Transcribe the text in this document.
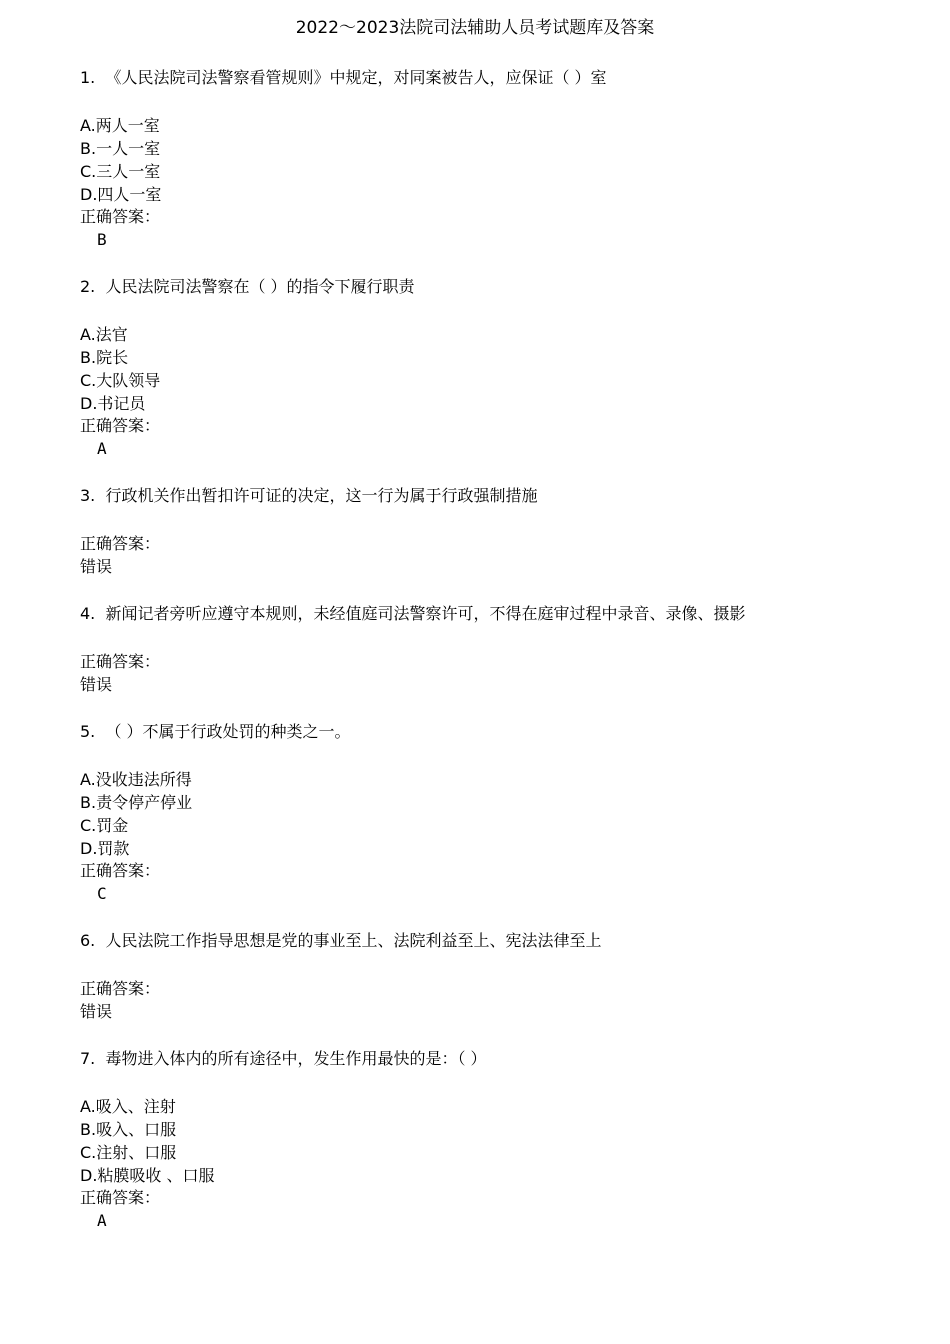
2022～2023法院司法辅助人员考试题库及答案
1.  《人民法院司法警察看管规则》中规定，对同案被告人，应保证（ ）室
A.两人一室
B.一人一室
C.三人一室
D.四人一室
正确答案：
B
2.  人民法院司法警察在（ ）的指令下履行职责
A.法官
B.院长
C.大队领导
D.书记员
正确答案：
A
3.  行政机关作出暂扣许可证的决定，这一行为属于行政强制措施
正确答案：
错误
4.  新闻记者旁听应遵守本规则，未经值庭司法警察许可，不得在庭审过程中录音、录像、摄影
正确答案：
错误
5.  （ ）不属于行政处罚的种类之一。
A.没收违法所得
B.责令停产停业
C.罚金
D.罚款
正确答案：
C
6.  人民法院工作指导思想是党的事业至上、法院利益至上、宪法法律至上
正确答案：
错误
7.  毒物进入体内的所有途径中，发生作用最快的是：（ ）
A.吸入、注射
B.吸入、口服
C.注射、口服
D.粘膜吸收 、口服
正确答案：
A
